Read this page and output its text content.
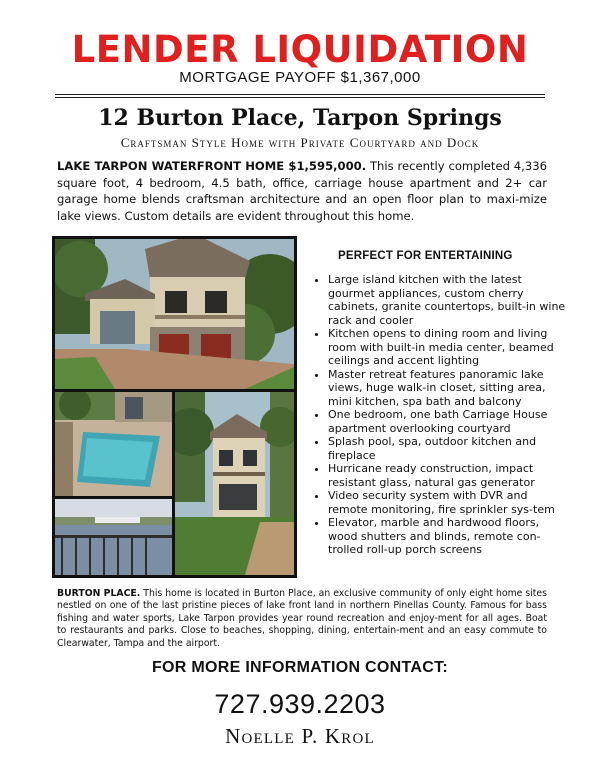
LENDER LIQUIDATION
MORTGAGE PAYOFF $1,367,000
12 Burton Place, Tarpon Springs
Craftsman Style Home with Private Courtyard and Dock
LAKE TARPON WATERFRONT HOME $1,595,000. This recently completed 4,336 square foot, 4 bedroom, 4.5 bath, office, carriage house apartment and 2+ car garage home blends craftsman architecture and an open floor plan to maxi-mize lake views. Custom details are evident throughout this home.
PERFECT FOR ENTERTAINING
• Large island kitchen with the latest gourmet appliances, custom cherry cabinets, granite countertops, built-in wine rack and cooler
• Kitchen opens to dining room and living room with built-in media center, beamed ceilings and accent lighting
• Master retreat features panoramic lake views, huge walk-in closet, sitting area, mini kitchen, spa bath and balcony
• One bedroom, one bath Carriage House apartment overlooking courtyard
• Splash pool, spa, outdoor kitchen and fireplace
• Hurricane ready construction, impact resistant glass, natural gas generator
• Video security system with DVR and remote monitoring, fire sprinkler sys-tem
• Elevator, marble and hardwood floors, wood shutters and blinds, remote con-trolled roll-up porch screens
BURTON PLACE. This home is located in Burton Place, an exclusive community of only eight home sites nestled on one of the last pristine pieces of lake front land in northern Pinellas County. Famous for bass fishing and water sports, Lake Tarpon provides year round recreation and enjoy-ment for all ages. Boat to restaurants and parks. Close to beaches, shopping, dining, entertain-ment and an easy commute to Clearwater, Tampa and the airport.
FOR MORE INFORMATION CONTACT:
727.939.2203
Noelle P. Krol
